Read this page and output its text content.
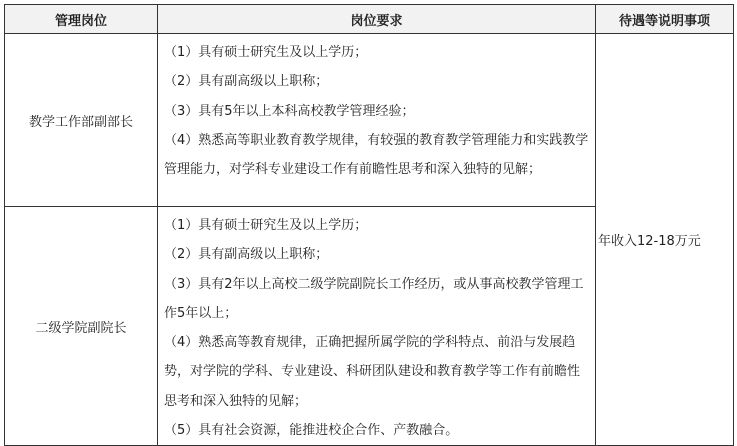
管理岗位	岗位要求	待遇等说明事项
教学工作部副部长	（1）具有硕士研究生及以上学历；
（2）具有副高级以上职称；
（3）具有5年以上本科高校教学管理经验；
（4）熟悉高等职业教育教学规律，有较强的教育教学管理能力和实践教学管理能力，对学科专业建设工作有前瞻性思考和深入独特的见解；	年收入12-18万元
二级学院副院长	（1）具有硕士研究生及以上学历；
（2）具有副高级以上职称；
（3）具有2年以上高校二级学院副院长工作经历，或从事高校教学管理工作5年以上；
（4）熟悉高等教育规律，正确把握所属学院的学科特点、前沿与发展趋势，对学院的学科、专业建设、科研团队建设和教育教学等工作有前瞻性思考和深入独特的见解；
（5）具有社会资源，能推进校企合作、产教融合。	
